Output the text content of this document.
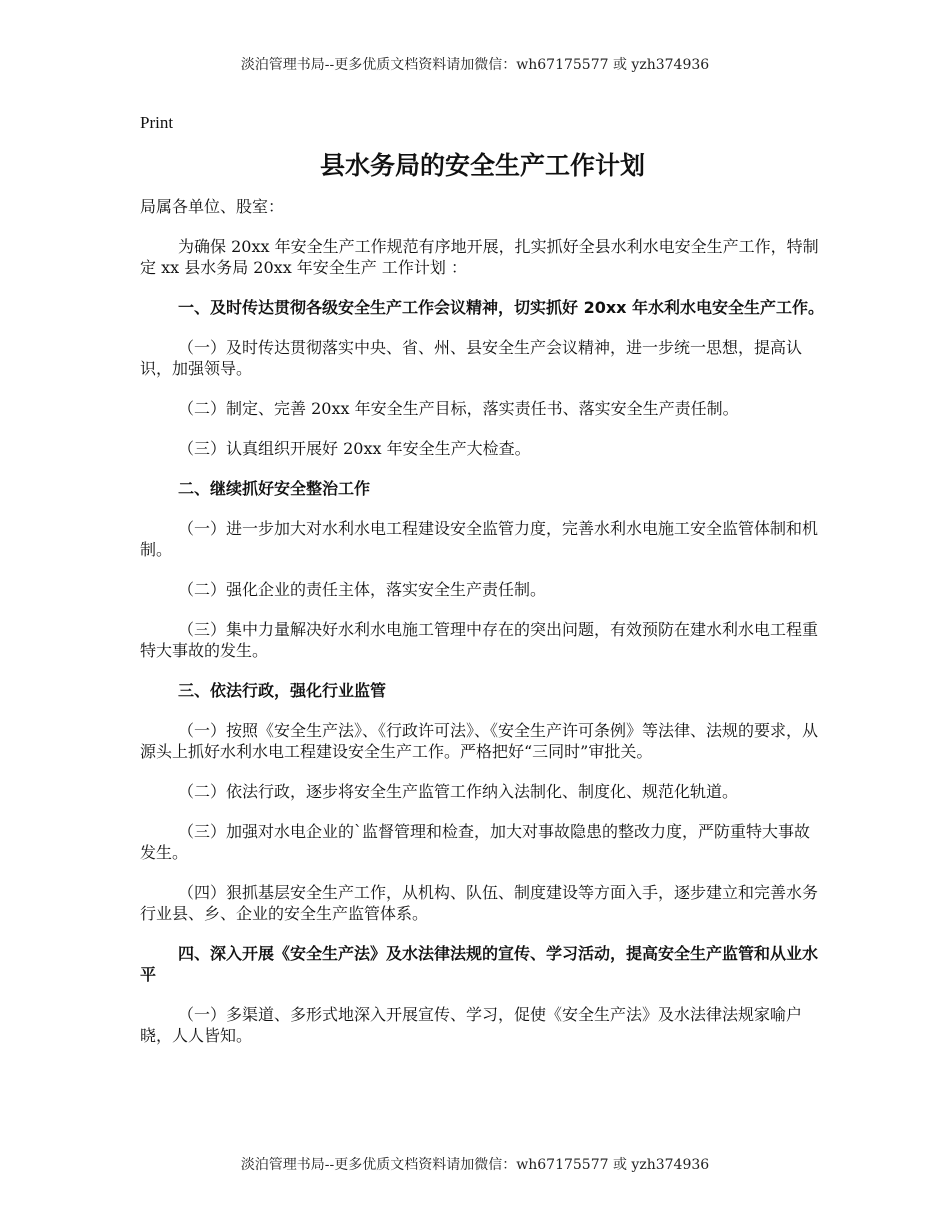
淡泊管理书局--更多优质文档资料请加微信：wh67175577 或 yzh374936
Print
县水务局的安全生产工作计划
局属各单位、股室：
为确保 20xx 年安全生产工作规范有序地开展，扎实抓好全县水利水电安全生产工作，特制定 xx 县水务局 20xx 年安全生产 工作计划 ：
一、及时传达贯彻各级安全生产工作会议精神，切实抓好 20xx 年水利水电安全生产工作。
（一）及时传达贯彻落实中央、省、州、县安全生产会议精神，进一步统一思想，提高认识，加强领导。
（二）制定、完善 20xx 年安全生产目标，落实责任书、落实安全生产责任制。
（三）认真组织开展好 20xx 年安全生产大检查。
二、继续抓好安全整治工作
（一）进一步加大对水利水电工程建设安全监管力度，完善水利水电施工安全监管体制和机制。
（二）强化企业的责任主体，落实安全生产责任制。
（三）集中力量解决好水利水电施工管理中存在的突出问题，有效预防在建水利水电工程重特大事故的发生。
三、依法行政，强化行业监管
（一）按照《安全生产法》、《行政许可法》、《安全生产许可条例》等法律、法规的要求，从源头上抓好水利水电工程建设安全生产工作。严格把好“三同时”审批关。
（二）依法行政，逐步将安全生产监管工作纳入法制化、制度化、规范化轨道。
（三）加强对水电企业的`监督管理和检查，加大对事故隐患的整改力度，严防重特大事故发生。
（四）狠抓基层安全生产工作，从机构、队伍、制度建设等方面入手，逐步建立和完善水务行业县、乡、企业的安全生产监管体系。
四、深入开展《安全生产法》及水法律法规的宣传、学习活动，提高安全生产监管和从业水平
（一）多渠道、多形式地深入开展宣传、学习，促使《安全生产法》及水法律法规家喻户晓，人人皆知。
淡泊管理书局--更多优质文档资料请加微信：wh67175577 或 yzh374936
